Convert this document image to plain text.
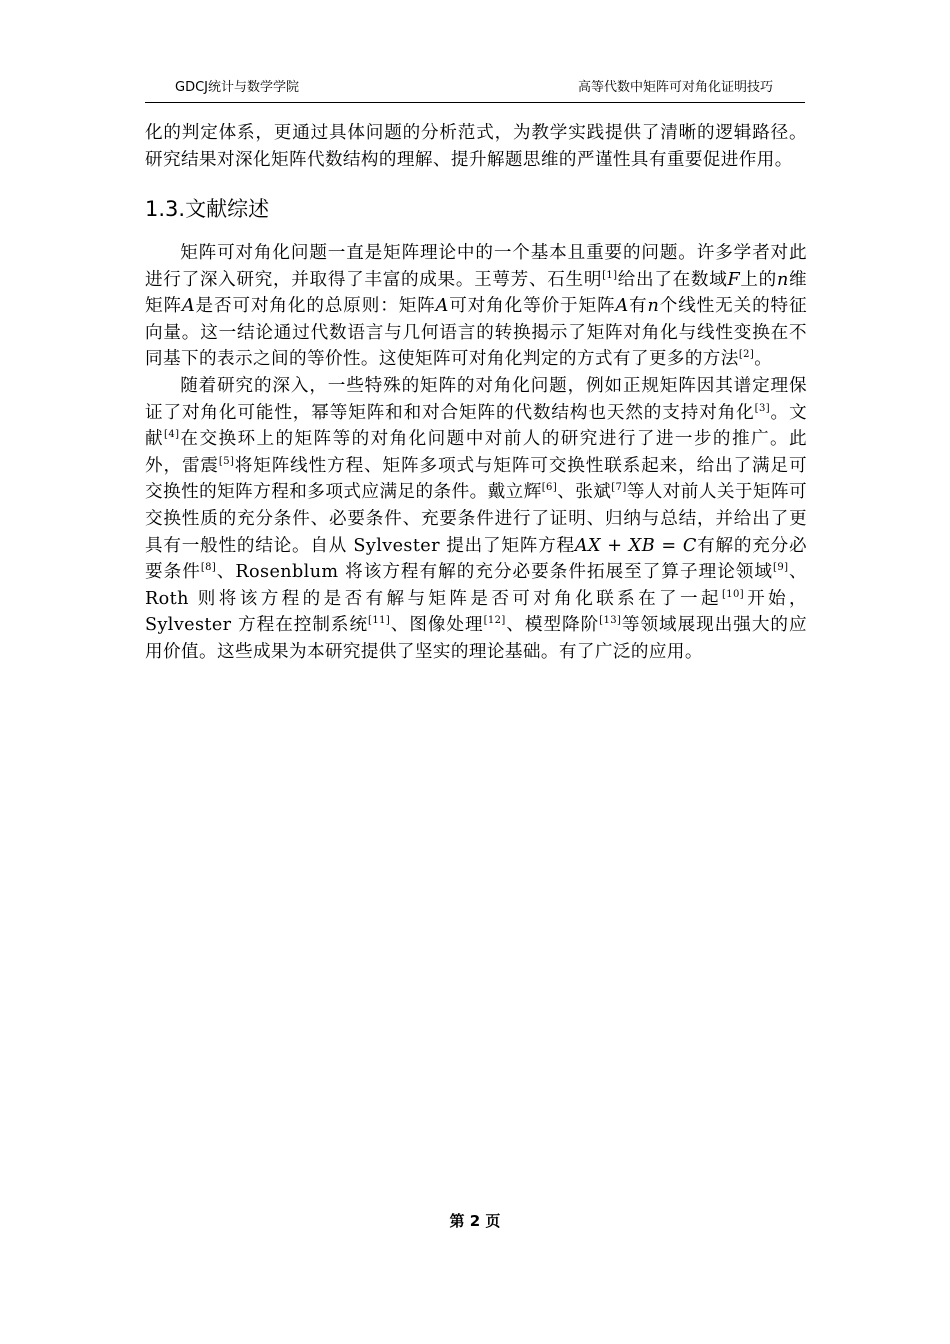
GDCJ统计与数学学院	高等代数中矩阵可对角化证明技巧

化的判定体系，更通过具体问题的分析范式，为教学实践提供了清晰的逻辑路径。研究结果对深化矩阵代数结构的理解、提升解题思维的严谨性具有重要促进作用。

1.3.文献综述

矩阵可对角化问题一直是矩阵理论中的一个基本且重要的问题。许多学者对此进行了深入研究，并取得了丰富的成果。王萼芳、石生明[1]给出了在数域F上的n维矩阵A是否可对角化的总原则：矩阵A可对角化等价于矩阵A有n个线性无关的特征向量。这一结论通过代数语言与几何语言的转换揭示了矩阵对角化与线性变换在不同基下的表示之间的等价性。这使矩阵可对角化判定的方式有了更多的方法[2]。

随着研究的深入，一些特殊的矩阵的对角化问题，例如正规矩阵因其谱定理保证了对角化可能性，幂等矩阵和和对合矩阵的代数结构也天然的支持对角化[3]。文献[4]在交换环上的矩阵等的对角化问题中对前人的研究进行了进一步的推广。此外，雷震[5]将矩阵线性方程、矩阵多项式与矩阵可交换性联系起来，给出了满足可交换性的矩阵方程和多项式应满足的条件。戴立辉[6]、张斌[7]等人对前人关于矩阵可交换性质的充分条件、必要条件、充要条件进行了证明、归纳与总结，并给出了更具有一般性的结论。自从 Sylvester 提出了矩阵方程AX + XB = C有解的充分必要条件[8]、Rosenblum 将该方程有解的充分必要条件拓展至了算子理论领域[9]、Roth 则将该方程的是否有解与矩阵是否可对角化联系在了一起[10]开始，Sylvester 方程在控制系统[11]、图像处理[12]、模型降阶[13]等领域展现出强大的应用价值。这些成果为本研究提供了坚实的理论基础。有了广泛的应用。

第 2 页
